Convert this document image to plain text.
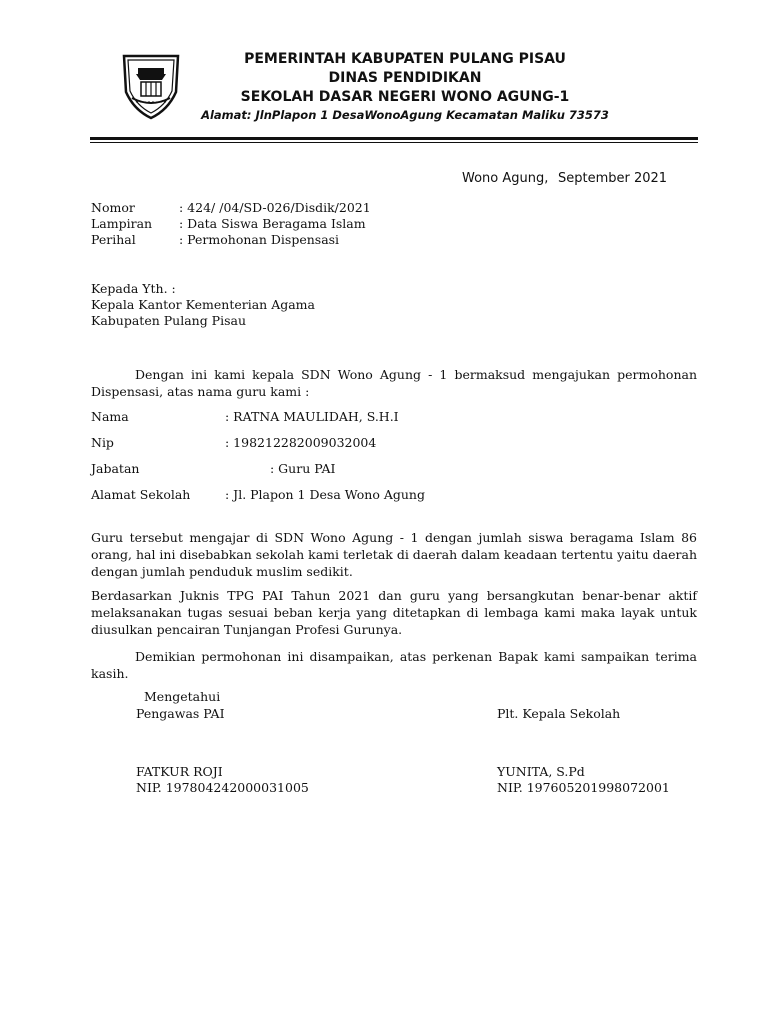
PEMERINTAH KABUPATEN PULANG PISAU
DINAS PENDIDIKAN
SEKOLAH DASAR NEGERI WONO AGUNG-1
Alamat: JlnPlapon 1 DesaWonoAgung Kecamatan Maliku 73573
Wono Agung, September 2021
Nomor	: 424/ /04/SD-026/Disdik/2021
Lampiran : Data Siswa Beragama Islam
Perihal	: Permohonan Dispensasi
Kepada Yth. :
Kepala Kantor Kementerian Agama
Kabupaten Pulang Pisau
Dengan ini kami kepala SDN Wono Agung - 1 bermaksud mengajukan permohonan Dispensasi, atas nama guru kami :
Nama	: RATNA MAULIDAH, S.H.I
Nip	: 198212282009032004
Jabatan	: Guru PAI
Alamat Sekolah	: Jl. Plapon 1 Desa Wono Agung
Guru tersebut mengajar di SDN Wono Agung - 1 dengan jumlah siswa beragama Islam 86 orang, hal ini disebabkan sekolah kami terletak di daerah dalam keadaan tertentu yaitu daerah dengan jumlah penduduk muslim sedikit.
Berdasarkan Juknis TPG PAI Tahun 2021 dan guru yang bersangkutan benar-benar aktif melaksanakan tugas sesuai beban kerja yang ditetapkan di lembaga kami maka layak untuk diusulkan pencairan Tunjangan Profesi Gurunya.
Demikian permohonan ini disampaikan, atas perkenan Bapak kami sampaikan terima kasih.
Mengetahui
Pengawas PAI
FATKUR ROJI
NIP. 197804242000031005
Plt. Kepala Sekolah
YUNITA, S.Pd
NIP. 197605201998072001
